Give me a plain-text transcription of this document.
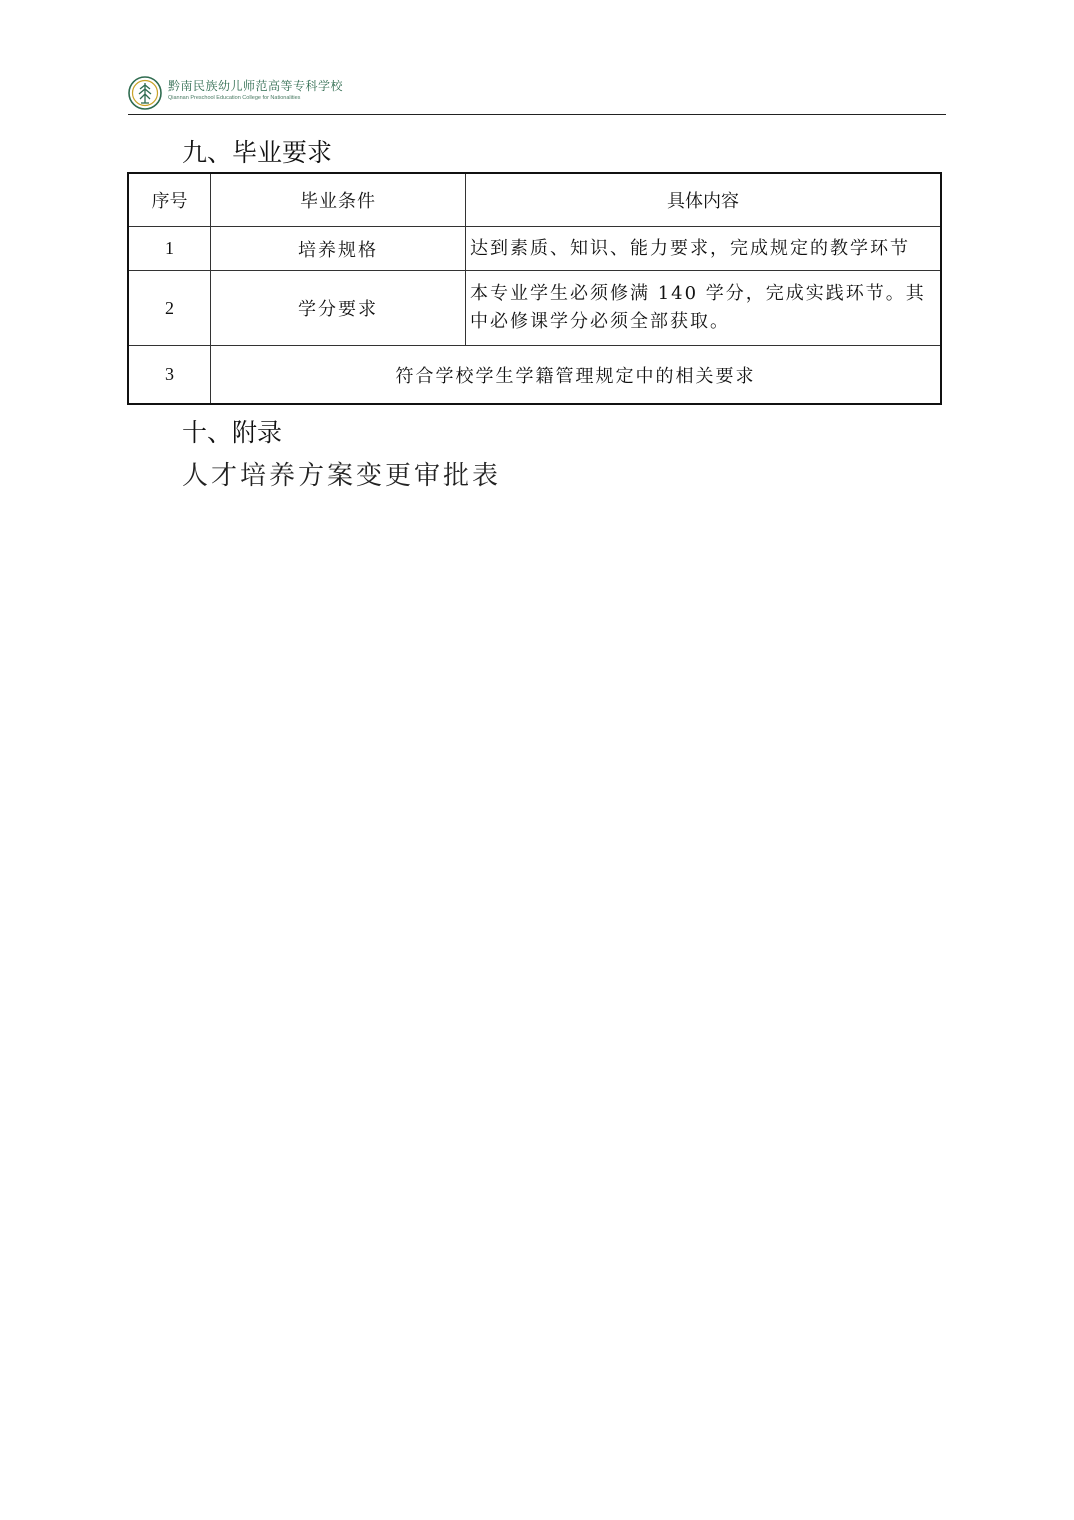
黔南民族幼儿师范高等专科学校
Qiannan Preschool Education College for Nationalities
九、毕业要求
序号	毕业条件	具体内容
1	培养规格	达到素质、知识、能力要求，完成规定的教学环节
2	学分要求	本专业学生必须修满 140 学分，完成实践环节。其中必修课学分必须全部获取。
3	符合学校学生学籍管理规定中的相关要求	
十、附录
人才培养方案变更审批表
